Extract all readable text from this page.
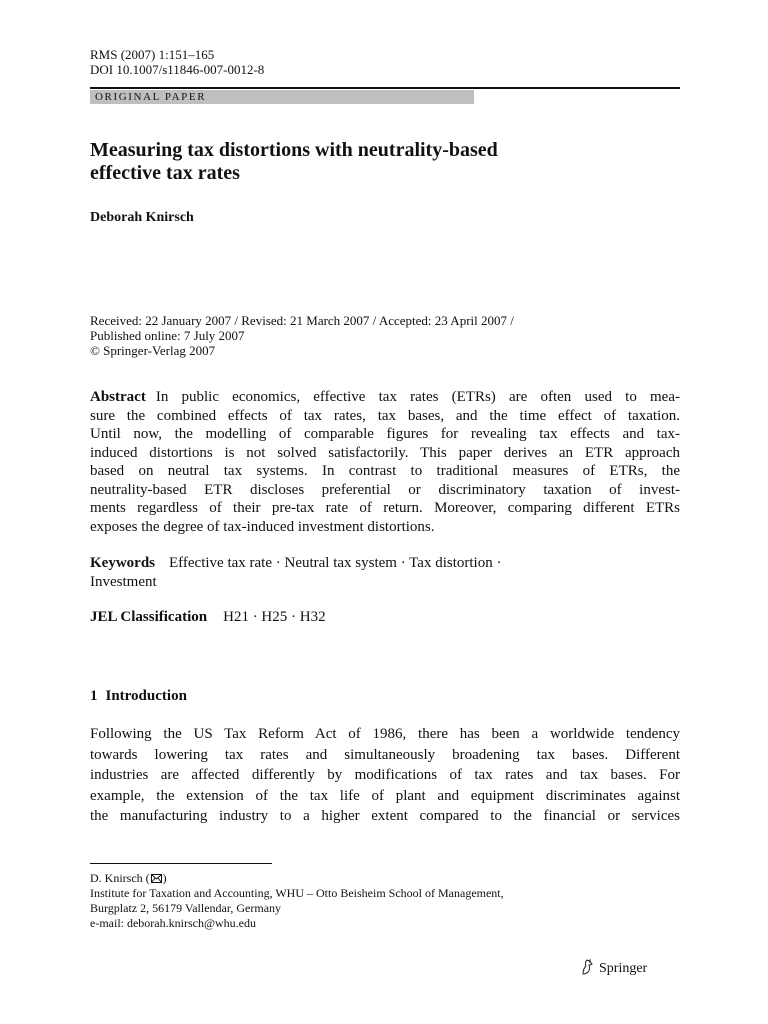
RMS (2007) 1:151–165
DOI 10.1007/s11846-007-0012-8
ORIGINAL PAPER
Measuring tax distortions with neutrality-based
effective tax rates
Deborah Knirsch
Received: 22 January 2007 / Revised: 21 March 2007 / Accepted: 23 April 2007 /
Published online: 7 July 2007
© Springer-Verlag 2007
Abstract In public economics, effective tax rates (ETRs) are often used to mea-
sure the combined effects of tax rates, tax bases, and the time effect of taxation.
Until now, the modelling of comparable figures for revealing tax effects and tax-
induced distortions is not solved satisfactorily. This paper derives an ETR approach
based on neutral tax systems. In contrast to traditional measures of ETRs, the
neutrality-based ETR discloses preferential or discriminatory taxation of invest-
ments regardless of their pre-tax rate of return. Moreover, comparing different ETRs
exposes the degree of tax-induced investment distortions.
Keywords Effective tax rate · Neutral tax system · Tax distortion ·
Investment
JEL Classification H21 · H25 · H32
1 Introduction
Following the US Tax Reform Act of 1986, there has been a worldwide tendency
towards lowering tax rates and simultaneously broadening tax bases. Different
industries are affected differently by modifications of tax rates and tax bases. For
example, the extension of the tax life of plant and equipment discriminates against
the manufacturing industry to a higher extent compared to the financial or services
D. Knirsch ( )
Institute for Taxation and Accounting, WHU – Otto Beisheim School of Management,
Burgplatz 2, 56179 Vallendar, Germany
e-mail: deborah.knirsch@whu.edu
Springer
